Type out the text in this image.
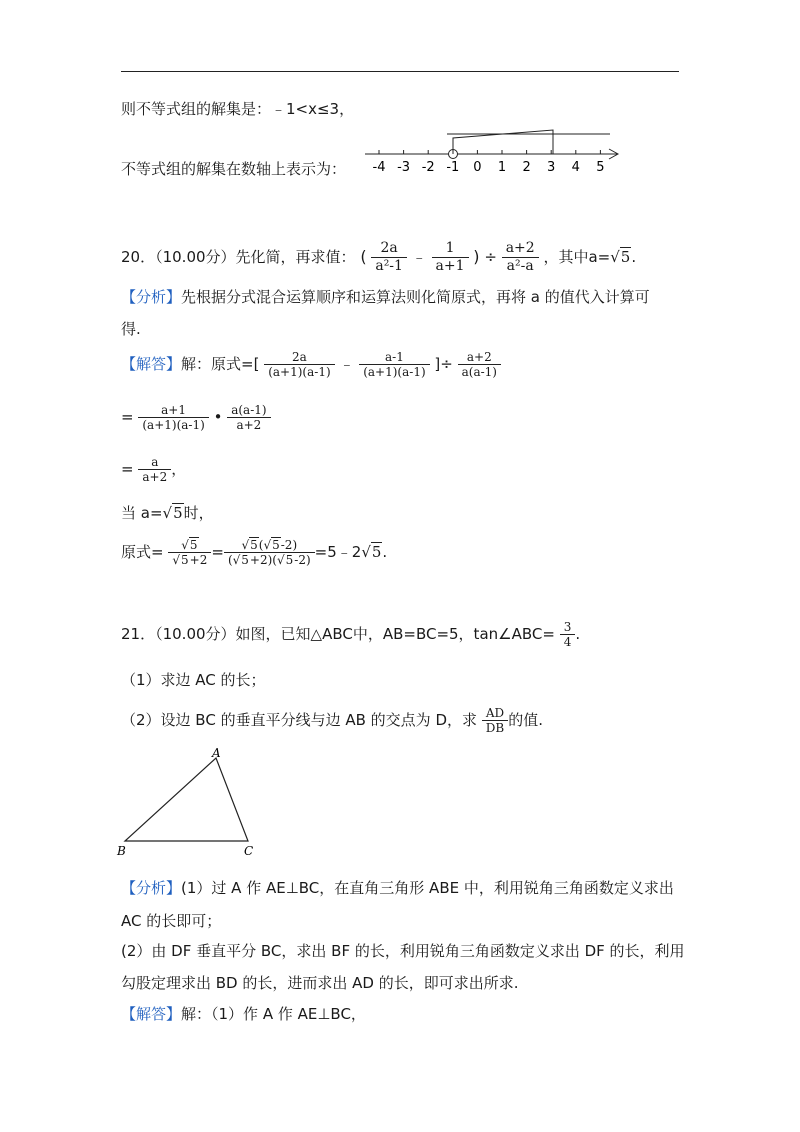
则不等式组的解集是：﹣1<x≤3，
不等式组的解集在数轴上表示为： -4 -3 -2 -1 0 1 2 3 4 5
20．（10.00分）先化简，再求值： ( $\frac{2a}{\text{a²-1}}$ ﹣ $\frac{1}{a+1}$ ) ÷ $\frac{a+2}{\text{a²-a}}$ ，其中a= √ 5.
【分析】先根据分式混合运算顺序和运算法则化简原式，再将 a 的值代入计算可
得.
【解答】解：原式=[ $\frac{2a}{(a+1)(a-1)}$ ﹣ $\frac{a-1}{(a+1)(a-1)}$ ]÷ $\frac{a+2}{a(a-1)}$
= $\frac{a+1}{(a+1)(a-1)}$ • $\frac{a(a-1)}{a+2}$
= $\frac{a}{a+2}$ ，
当 a= √ 5时，
原式= √ 5
√ 5+2 = √ $\frac{5( √ 5-2)}{( √ 5+2)( √ 5-2)}$ =5﹣2 √ 5.
21．（10.00分）如图，已知△ABC中，AB=BC=5，tan∠ABC= $\frac{3}{4}$ .
（1）求边 AC 的长；
（2）设边 BC 的垂直平分线与边 AB 的交点为 D，求 $\frac{AD}{DB}$ 的值.
A
B	C
【分析】(1）过 A 作 AE⊥BC，在直角三角形 ABE 中，利用锐角三角函数定义求出
AC 的长即可；
(2）由 DF 垂直平分 BC，求出 BF 的长，利用锐角三角函数定义求出 DF 的长，利用
勾股定理求出 BD 的长，进而求出 AD 的长，即可求出所求.
【解答】解：（1）作 A 作 AE⊥BC，
